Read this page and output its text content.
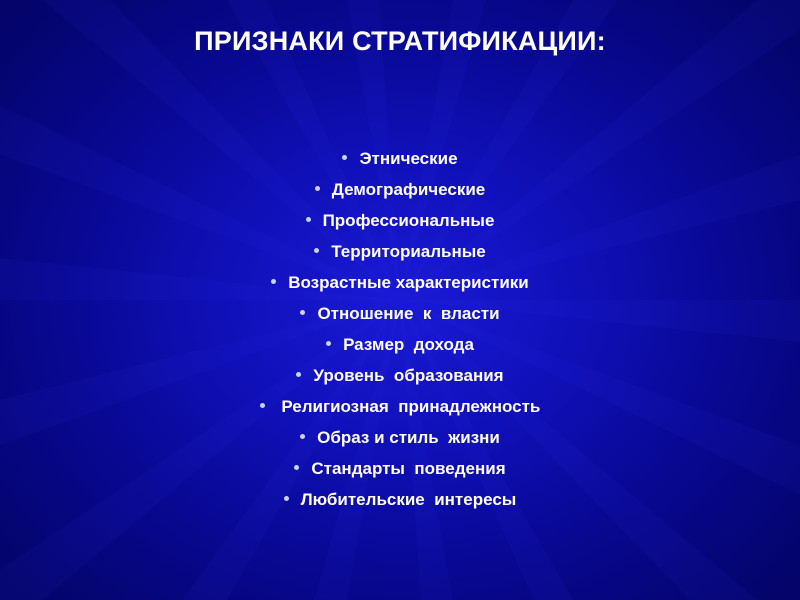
ПРИЗНАКИ СТРАТИФИКАЦИИ:
Этнические
Демографические
Профессиональные
Территориальные
Возрастные характеристики
Отношение  к  власти
Размер  дохода
Уровень  образования
Религиозная  принадлежность
Образ и стиль  жизни
Стандарты  поведения
Любительские  интересы
